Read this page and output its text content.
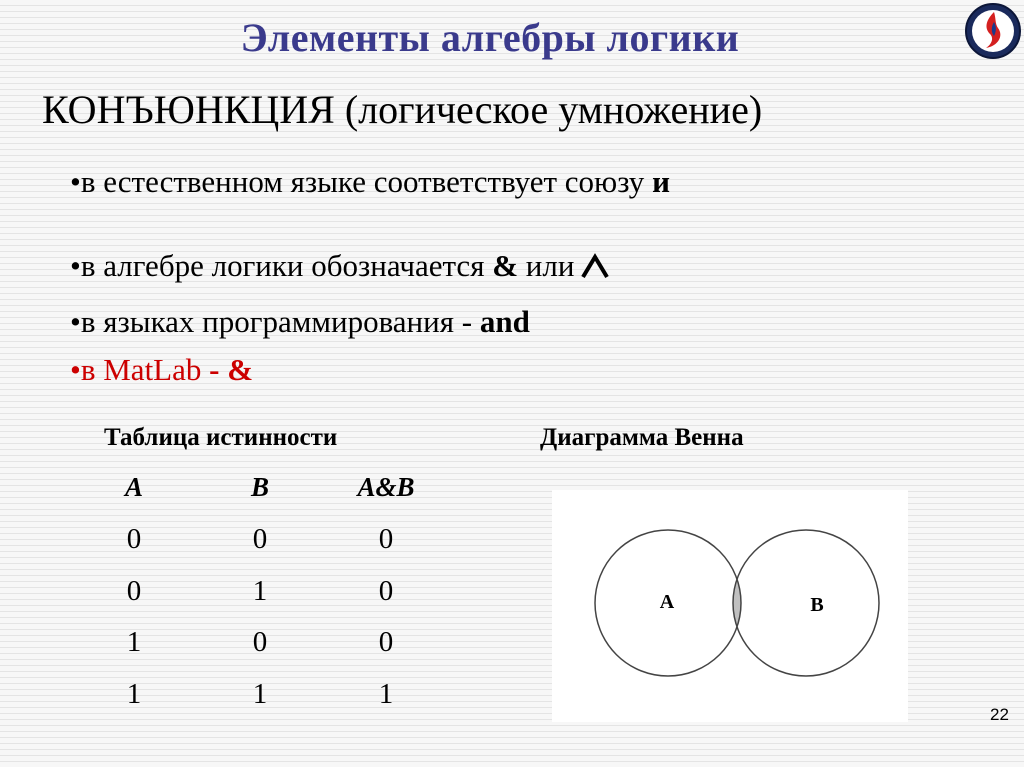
Элементы алгебры логики
КОНЪЮНКЦИЯ (логическое умножение)
•в естественном языке соответствует союзу и
•в алгебре логики обозначается & или
•в языках программирования - and
•в MatLab - &
Таблица истинности	Диаграмма Венна
A	B	A&B
0	0	0
0	1	0
1	0	0
1	1	1
A	B
22
